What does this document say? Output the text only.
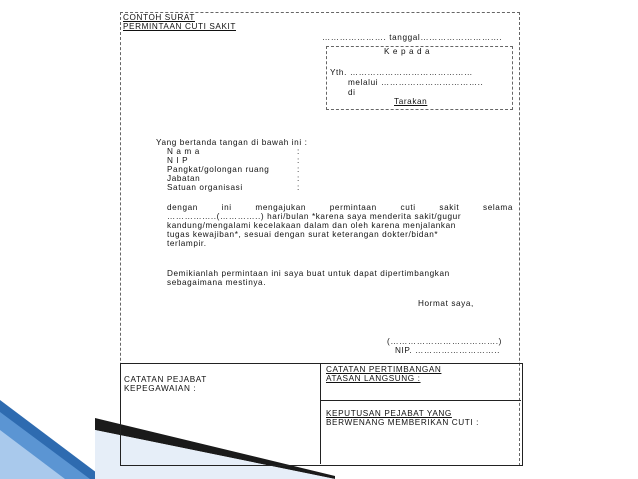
CONTOH SURAT
PERMINTAAN CUTI SAKIT
…………………. tanggal……………………….
K e p a d a
Yth. ……………………………………
melalui ……………………………..
di
Tarakan
Yang bertanda tangan di bawah ini :
N a m a	:
N I P	:
Pangkat/golongan ruang	:
Jabatan	:
Satuan organisasi	:
dengan	ini	mengajukan	permintaan	cuti	sakit	selama
……………..(…………..) hari/bulan *karena saya menderita sakit/gugur
kandung/mengalami kecelakaan dalam dan oleh karena menjalankan
tugas kewajiban*, sesuai dengan surat keterangan dokter/bidan*
terlampir.
Demikianlah permintaan ini saya buat untuk dapat dipertimbangkan
sebagaimana mestinya.
Hormat saya,
(……………………………….)
NIP. ………………………..
CATATAN PEJABAT
KEPEGAWAIAN :
CATATAN PERTIMBANGAN
ATASAN LANGSUNG :
KEPUTUSAN PEJABAT YANG
BERWENANG MEMBERIKAN CUTI :
